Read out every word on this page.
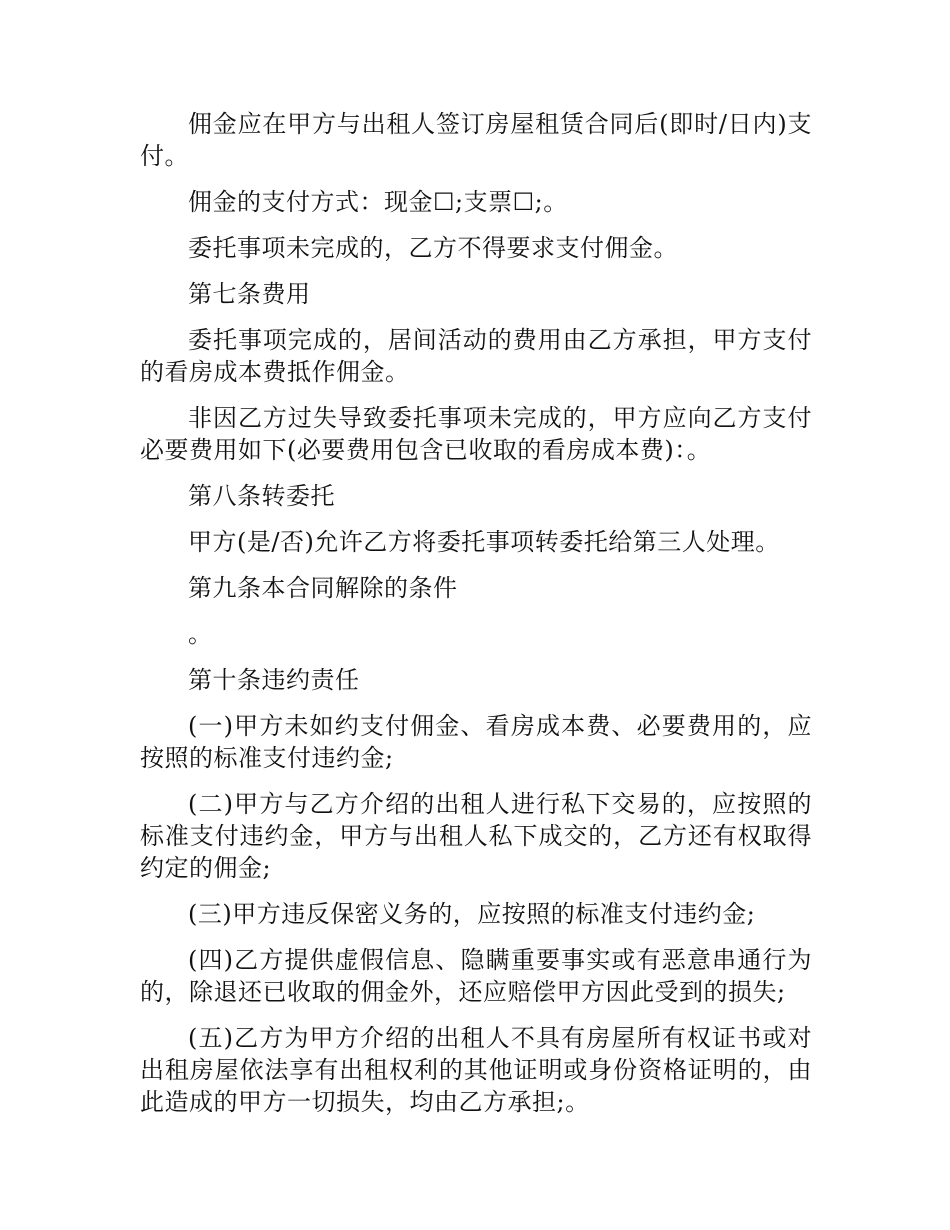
佣金应在甲方与出租人签订房屋租赁合同后(即时/日内)支付。

佣金的支付方式：现金☐;支票☐;。

委托事项未完成的，乙方不得要求支付佣金。

第七条费用

委托事项完成的，居间活动的费用由乙方承担，甲方支付的看房成本费抵作佣金。

非因乙方过失导致委托事项未完成的，甲方应向乙方支付必要费用如下(必要费用包含已收取的看房成本费)：。

第八条转委托

甲方(是/否)允许乙方将委托事项转委托给第三人处理。

第九条本合同解除的条件

。

第十条违约责任

(一)甲方未如约支付佣金、看房成本费、必要费用的，应按照的标准支付违约金;

(二)甲方与乙方介绍的出租人进行私下交易的，应按照的标准支付违约金，甲方与出租人私下成交的，乙方还有权取得约定的佣金;

(三)甲方违反保密义务的，应按照的标准支付违约金;

(四)乙方提供虚假信息、隐瞒重要事实或有恶意串通行为的，除退还已收取的佣金外，还应赔偿甲方因此受到的损失;

(五)乙方为甲方介绍的出租人不具有房屋所有权证书或对出租房屋依法享有出租权利的其他证明或身份资格证明的，由此造成的甲方一切损失，均由乙方承担;。
